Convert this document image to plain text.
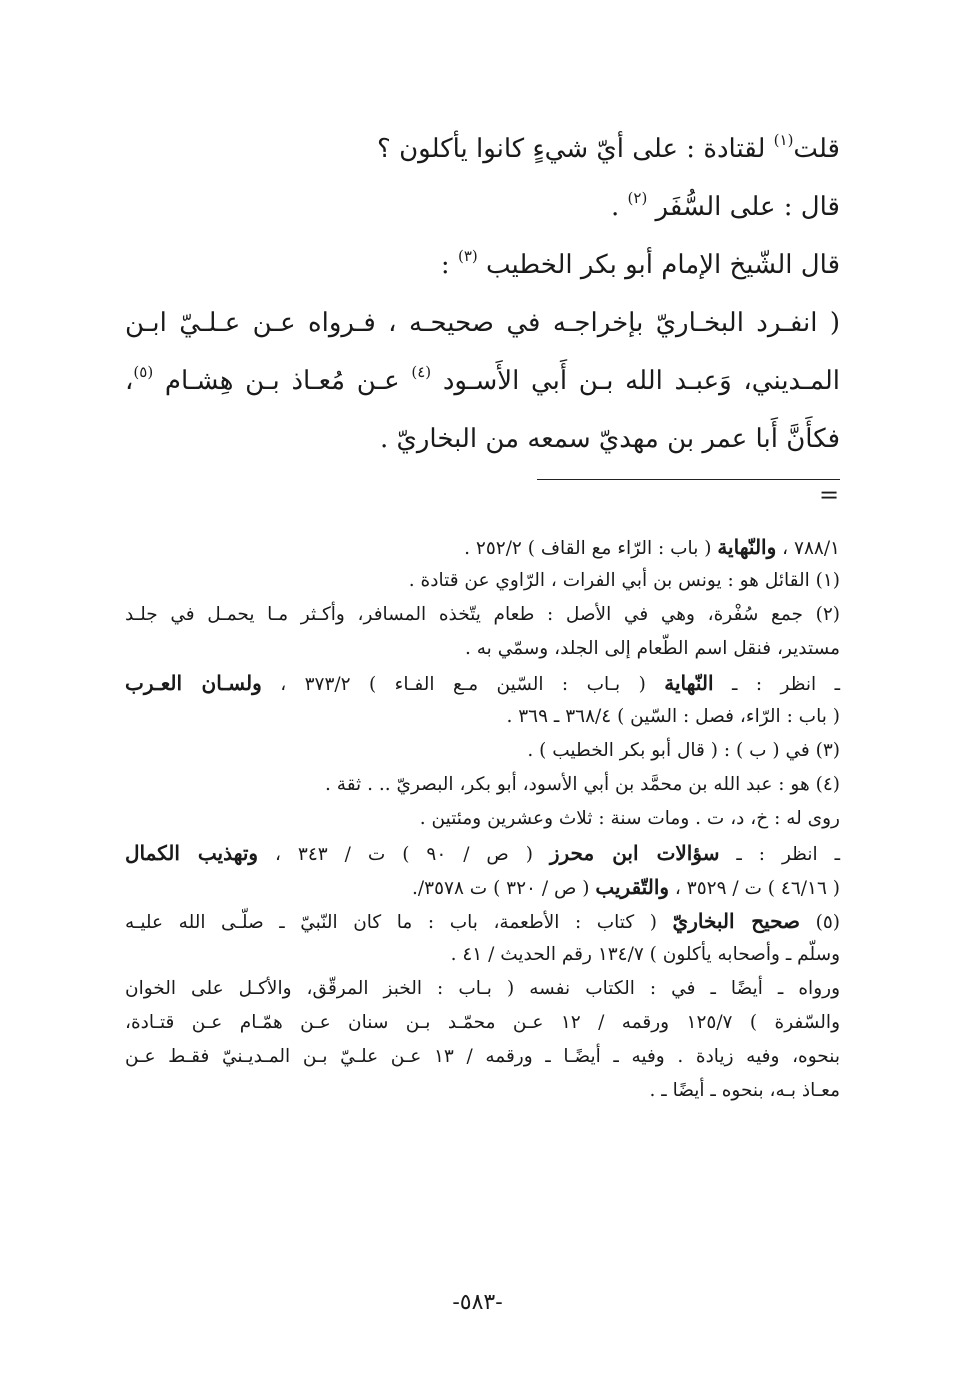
قلت$^{(١)}$ لقتادة : على أيّ شيءٍ كانوا يأكلون ؟
قال : على السُّفَر $^{(٢)}$ .
قال الشّيخ الإمام أبو بكر الخطيب $^{(٣)}$ :
( انفـرد البخـاريّ بإخراجـه في صحيحـه ، فـرواه عـن عـلـيّ ابـن
المـديني، وَعبـد الله بـن أَبي الأَسـود $^{(٤)}$ عـن مُعـاذ بـن هِشـام $^{(٥)}$،
فكأَنَّ أَبا عمر بن مهديّ سمعه من البخاريّ .
=
٧٨٨/١ ، والنّهاية ( باب : الرّاء مع القاف ) ٢٥٢/٢ .
(١) القائل هو : يونس بن أبي الفرات ، الرّاوي عن قتادة .
(٢) جمع سُفْرة، وهي في الأصل : طعام يتّخذه المسافر، وأكـثر مـا يحمـل في جلـد
مستدير، فنقل اسم الطّعام إلى الجلد، وسمّي به .
ـ انظر : ـ النّهاية ( بـاب : السّين مـع الفـاء ) ٣٧٣/٢ ، ولسـان العـرب
( باب : الرّاء، فصل : السّين ) ٣٦٨/٤ ـ ٣٦٩ .
(٣) في ( ب ) : ( قال أبو بكر الخطيب ) .
(٤) هو : عبد الله بن محمَّد بن أبي الأسود، أبو بكر، البصريّ .. . ثقة .
روى له : خ، د، ت . ومات سنة : ثلاث وعشرين ومئتين .
ـ انظر : ـ سؤالات ابن محرز ( ص / ٩٠ ) ت / ٣٤٣ ، وتهذيب الكمال
( ٤٦/١٦ ) ت / ٣٥٢٩ ، والتّقريب ( ص / ٣٢٠ ) ت ٣٥٧٨/.
(٥) صحيح البخاريّ ( كتاب : الأطعمة، باب : ما كان النّبيّ ـ صلّـى الله عليـه
وسلّم ـ وأصحابه يأكلون ) ١٣٤/٧ رقم الحديث / ٤١ .
ورواه ـ أيضًا ـ في : الكتاب نفسه ( بـاب : الخبز المرقّق، والأكـل على الخوان
والسّفرة ) ١٢٥/٧ ورقمه / ١٢ عـن محمّـد بـن سنان عـن همّـام عـن قتـادة،
بنحوه، وفيه زيادة . وفيه ـ أيضًـا ـ ورقمه / ١٣ عـن علـيّ بـن المـديـنيّ فقـط عـن
معـاذ بـه، بنحوه ـ أيضًا ـ .
-٥٨٣-
